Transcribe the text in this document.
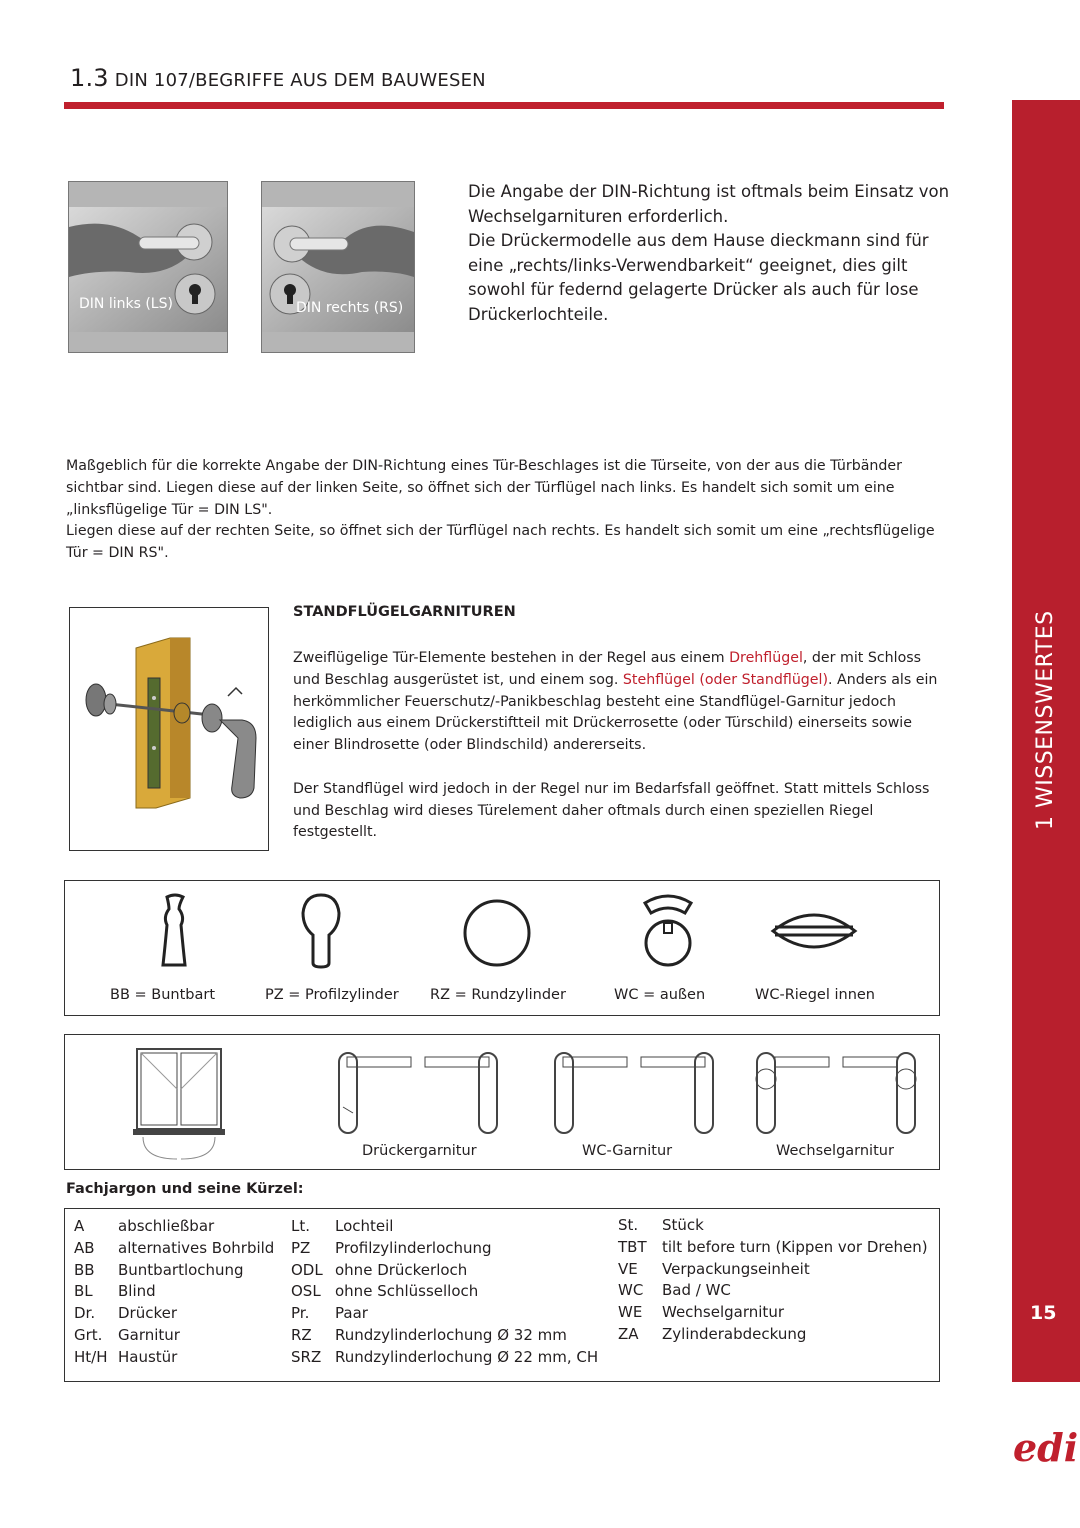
1.3 DIN 107/BEGRIFFE AUS DEM BAUWESEN
1 WISSENSWERTES
15
edi
DIN links (LS)	DIN rechts (RS)

Die Angabe der DIN-Richtung ist oftmals beim Einsatz von Wechselgarnituren erforderlich.

Die Drückermodelle aus dem Hause dieckmann sind für eine „rechts/links-Verwendbarkeit“ geeignet, dies gilt sowohl für federnd gelagerte Drücker als auch für lose Drückerlochteile.

Maßgeblich für die korrekte Angabe der DIN-Richtung eines Tür-Beschlages ist die Türseite, von der aus die Türbänder sichtbar sind. Liegen diese auf der linken Seite, so öffnet sich der Türflügel nach links. Es handelt sich somit um eine „linksflügelige Tür = DIN LS".

Liegen diese auf der rechten Seite, so öffnet sich der Türflügel nach rechts. Es handelt sich somit um eine „rechtsflügelige Tür = DIN RS".

STANDFLÜGELGARNITUREN

Zweiflügelige Tür-Elemente bestehen in der Regel aus einem Drehflügel, der mit Schloss und Beschlag ausgerüstet ist, und einem sog. Stehflügel (oder Standflügel). Anders als ein herkömmlicher Feuerschutz/-Panikbeschlag besteht eine Standflügel-Garnitur jedoch lediglich aus einem Drückerstiftteil mit Drückerrosette (oder Türschild) einerseits sowie einer Blindrosette (oder Blindschild) andererseits.

Der Standflügel wird jedoch in der Regel nur im Bedarfsfall geöffnet. Statt mittels Schloss und Beschlag wird dieses Türelement daher oftmals durch einen speziellen Riegel festgestellt.

BB = Buntbart	PZ = Profilzylinder RZ = Rundzylinder	WC = außen	WC-Riegel innen
Drückergarnitur	WC-Garnitur	Wechselgarnitur
Fachjargon und seine Kürzel:
A abschließbar
AB alternatives Bohrbild
BB Buntbartlochung
BL Blind
Dr. Drücker
Grt. Garnitur
Ht/H Haustür
Lt. Lochteil
PZ Profilzylinderlochung
ODL ohne Drückerloch
OSL ohne Schlüsselloch
Pr. Paar
RZ Rundzylinderlochung Ø 32 mm
SRZ Rundzylinderlochung Ø 22 mm, CH
St. Stück
TBT tilt before turn (Kippen vor Drehen)
VE Verpackungseinheit
WC Bad / WC
WE Wechselgarnitur
ZA Zylinderabdeckung
